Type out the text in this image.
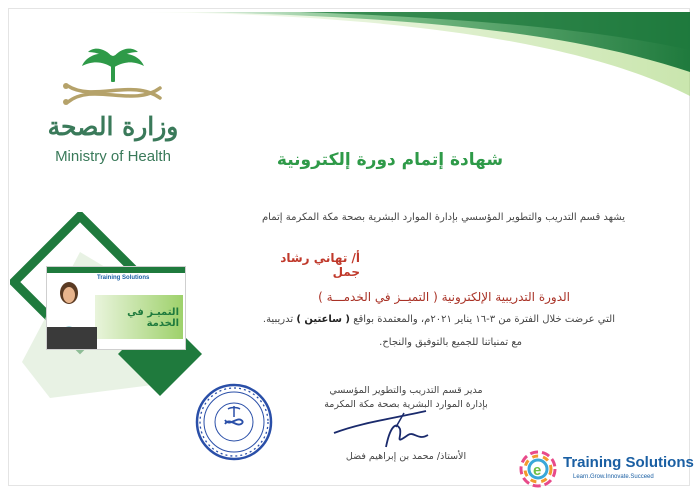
وزارة الصحة
Ministry of Health	شهادة إتمام دورة إلكترونية
يشهد قسم التدريب والتطوير المؤسسي بإدارة الموارد البشرية بصحة مكة المكرمة إتمام
أ/ تهاني رشاد جمل
الدورة التدريبية الإلكترونية ( التميــز في الخدمـــة )
التي عرضت خلال الفترة من ٣-١٦ يناير ٢٠٢١م، والمعتمدة بواقع ( ساعتين ) تدريبية.
مع تمنياتنا للجميع بالتوفيق والنجاح.
Training Solutions
التميـز في الخدمة
مدير قسم التدريب والتطوير المؤسسي
بإدارة الموارد البشرية بصحة مكة المكرمة
الأستاذ/ محمد بن إبراهيم فضل
e Training Solutions
Learn.Grow.Innovate.Succeed
